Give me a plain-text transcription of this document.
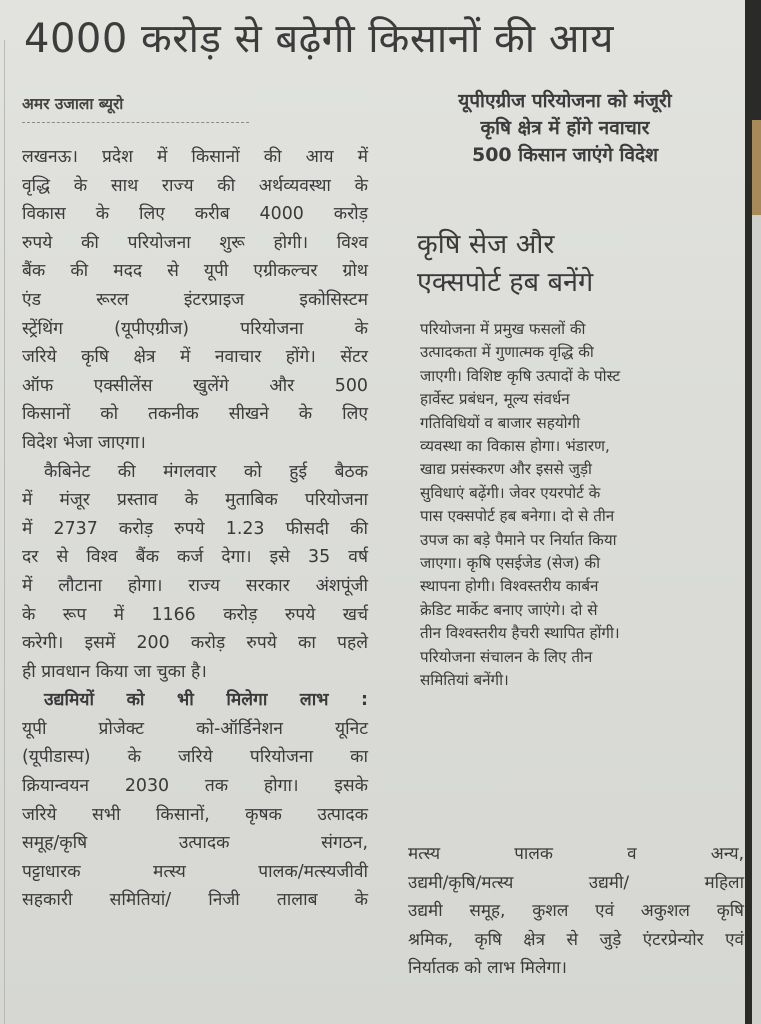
4000 करोड़ से बढ़ेगी किसानों की आय
अमर उजाला ब्यूरो

लखनऊ। प्रदेश में किसानों की आय में
वृद्धि के साथ राज्य की अर्थव्यवस्था के
विकास के लिए करीब 4000 करोड़
रुपये की परियोजना शुरू होगी। विश्व
बैंक की मदद से यूपी एग्रीकल्चर ग्रोथ
एंड रूरल इंटरप्राइज इकोसिस्टम
स्ट्रेंथिंग (यूपीएग्रीज) परियोजना के
जरिये कृषि क्षेत्र में नवाचार होंगे। सेंटर
ऑफ एक्सीलेंस खुलेंगे और 500
किसानों को तकनीक सीखने के लिए
विदेश भेजा जाएगा।

कैबिनेट की मंगलवार को हुई बैठक
में मंजूर प्रस्ताव के मुताबिक परियोजना
में 2737 करोड़ रुपये 1.23 फीसदी की
दर से विश्व बैंक कर्ज देगा। इसे 35 वर्ष
में लौटाना होगा। राज्य सरकार अंशपूंजी
के रूप में 1166 करोड़ रुपये खर्च
करेगी। इसमें 200 करोड़ रुपये का पहले
ही प्रावधान किया जा चुका है।

उद्यमियों को भी मिलेगा लाभ :
यूपी प्रोजेक्ट को-ऑर्डिनेशन यूनिट
(यूपीडास्प) के जरिये परियोजना का
क्रियान्वयन 2030 तक होगा। इसके
जरिये सभी किसानों, कृषक उत्पादक
समूह/कृषि उत्पादक संगठन,
पट्टाधारक मत्स्य पालक/मत्स्यजीवी
सहकारी समितियां/ निजी तालाब के

यूपीएग्रीज परियोजना को मंजूरी
कृषि क्षेत्र में होंगे नवाचार
500 किसान जाएंगे विदेश
कृषि सेज और
एक्सपोर्ट हब बनेंगे

परियोजना में प्रमुख फसलों की
उत्पादकता में गुणात्मक वृद्धि की
जाएगी। विशिष्ट कृषि उत्पादों के पोस्ट
हार्वेस्ट प्रबंधन, मूल्य संवर्धन
गतिविधियों व बाजार सहयोगी
व्यवस्था का विकास होगा। भंडारण,
खाद्य प्रसंस्करण और इससे जुड़ी
सुविधाएं बढ़ेंगी। जेवर एयरपोर्ट के
पास एक्सपोर्ट हब बनेगा। दो से तीन
उपज का बड़े पैमाने पर निर्यात किया
जाएगा। कृषि एसईजेड (सेज) की
स्थापना होगी। विश्वस्तरीय कार्बन
क्रेडिट मार्केट बनाए जाएंगे। दो से
तीन विश्वस्तरीय हैचरी स्थापित होंगी।
परियोजना संचालन के लिए तीन
समितियां बनेंगी।

मत्स्य पालक व अन्य,
उद्यमी/कृषि/मत्स्य उद्यमी/ महिला
उद्यमी समूह, कुशल एवं अकुशल कृषि
श्रमिक, कृषि क्षेत्र से जुड़े एंटरप्रेन्योर एवं
निर्यातक को लाभ मिलेगा।
